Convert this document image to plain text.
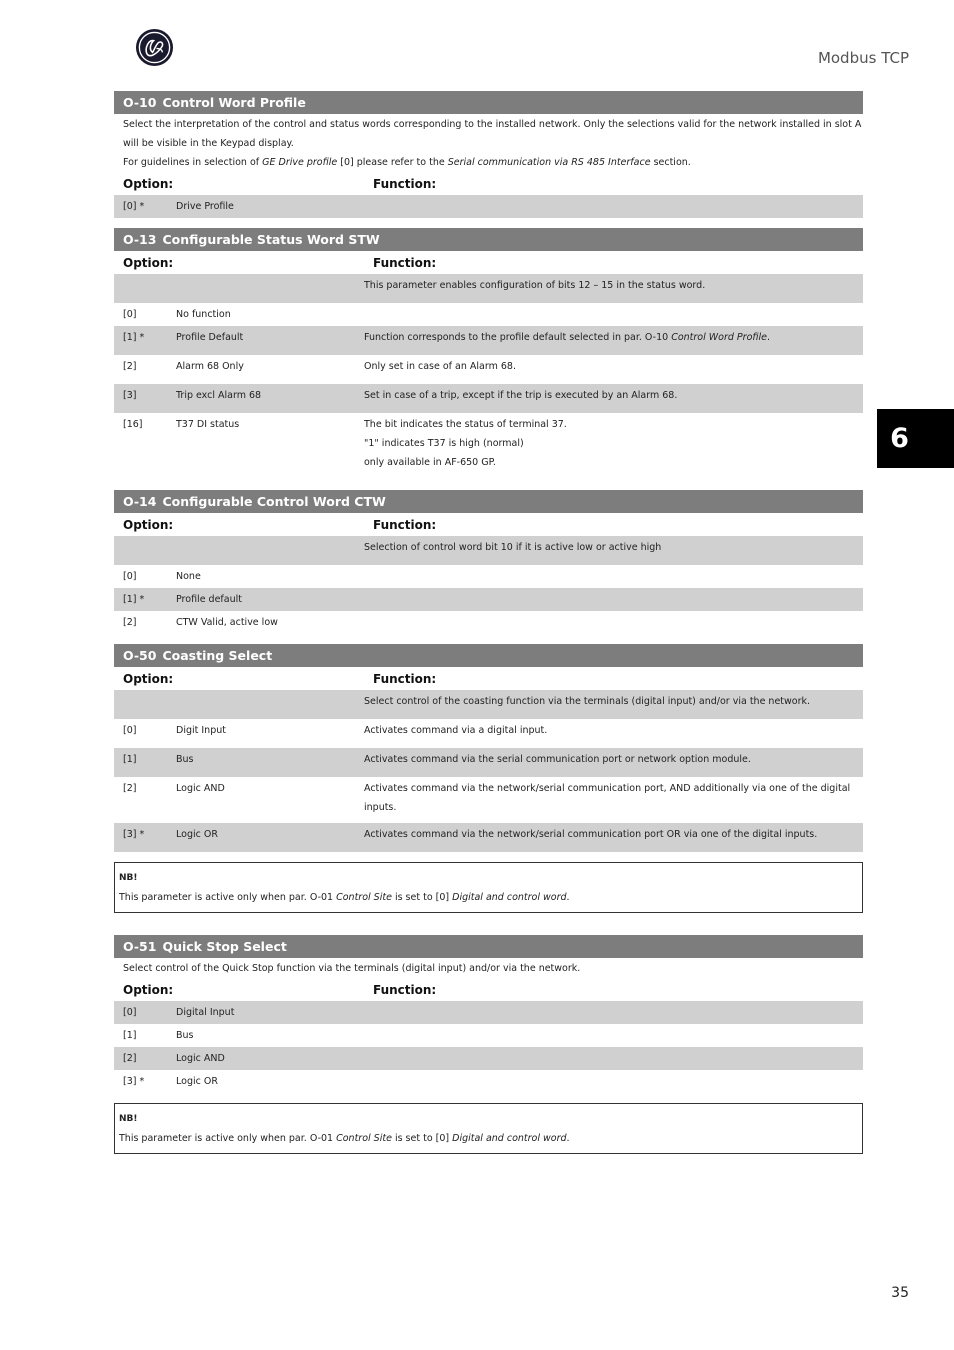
Modbus TCP
6
O-10 Control Word Profile
Select the interpretation of the control and status words corresponding to the installed network. Only the selections valid for the network installed in slot A will be visible in the Keypad display.
For guidelines in selection of GE Drive profile [0] please refer to the Serial communication via RS 485 Interface section.
Option:	Function:
[0] *	Drive Profile
O-13 Configurable Status Word STW
Option:	Function:
This parameter enables configuration of bits 12 – 15 in the status word.
[0]	No function
[1] *	Profile Default	Function corresponds to the profile default selected in par. O-10 Control Word Profile.
[2]	Alarm 68 Only	Only set in case of an Alarm 68.
[3]	Trip excl Alarm 68	Set in case of a trip, except if the trip is executed by an Alarm 68.
[16]	T37 DI status	The bit indicates the status of terminal 37.
"1" indicates T37 is high (normal)
only available in AF-650 GP.
O-14 Configurable Control Word CTW
Option:	Function:
Selection of control word bit 10 if it is active low or active high
[0]	None
[1] *	Profile default
[2]	CTW Valid, active low
O-50 Coasting Select
Option:	Function:
Select control of the coasting function via the terminals (digital input) and/or via the network.
[0]	Digit Input	Activates command via a digital input.
[1]	Bus	Activates command via the serial communication port or network option module.
[2]	Logic AND	Activates command via the network/serial communication port, AND additionally via one of the digital inputs.
[3] *	Logic OR	Activates command via the network/serial communication port OR via one of the digital inputs.
NB!
This parameter is active only when par. O-01 Control Site is set to [0] Digital and control word.
O-51 Quick Stop Select
Select control of the Quick Stop function via the terminals (digital input) and/or via the network.
Option:	Function:
[0]	Digital Input
[1]	Bus
[2]	Logic AND
[3] *	Logic OR
NB!
This parameter is active only when par. O-01 Control Site is set to [0] Digital and control word.
35
